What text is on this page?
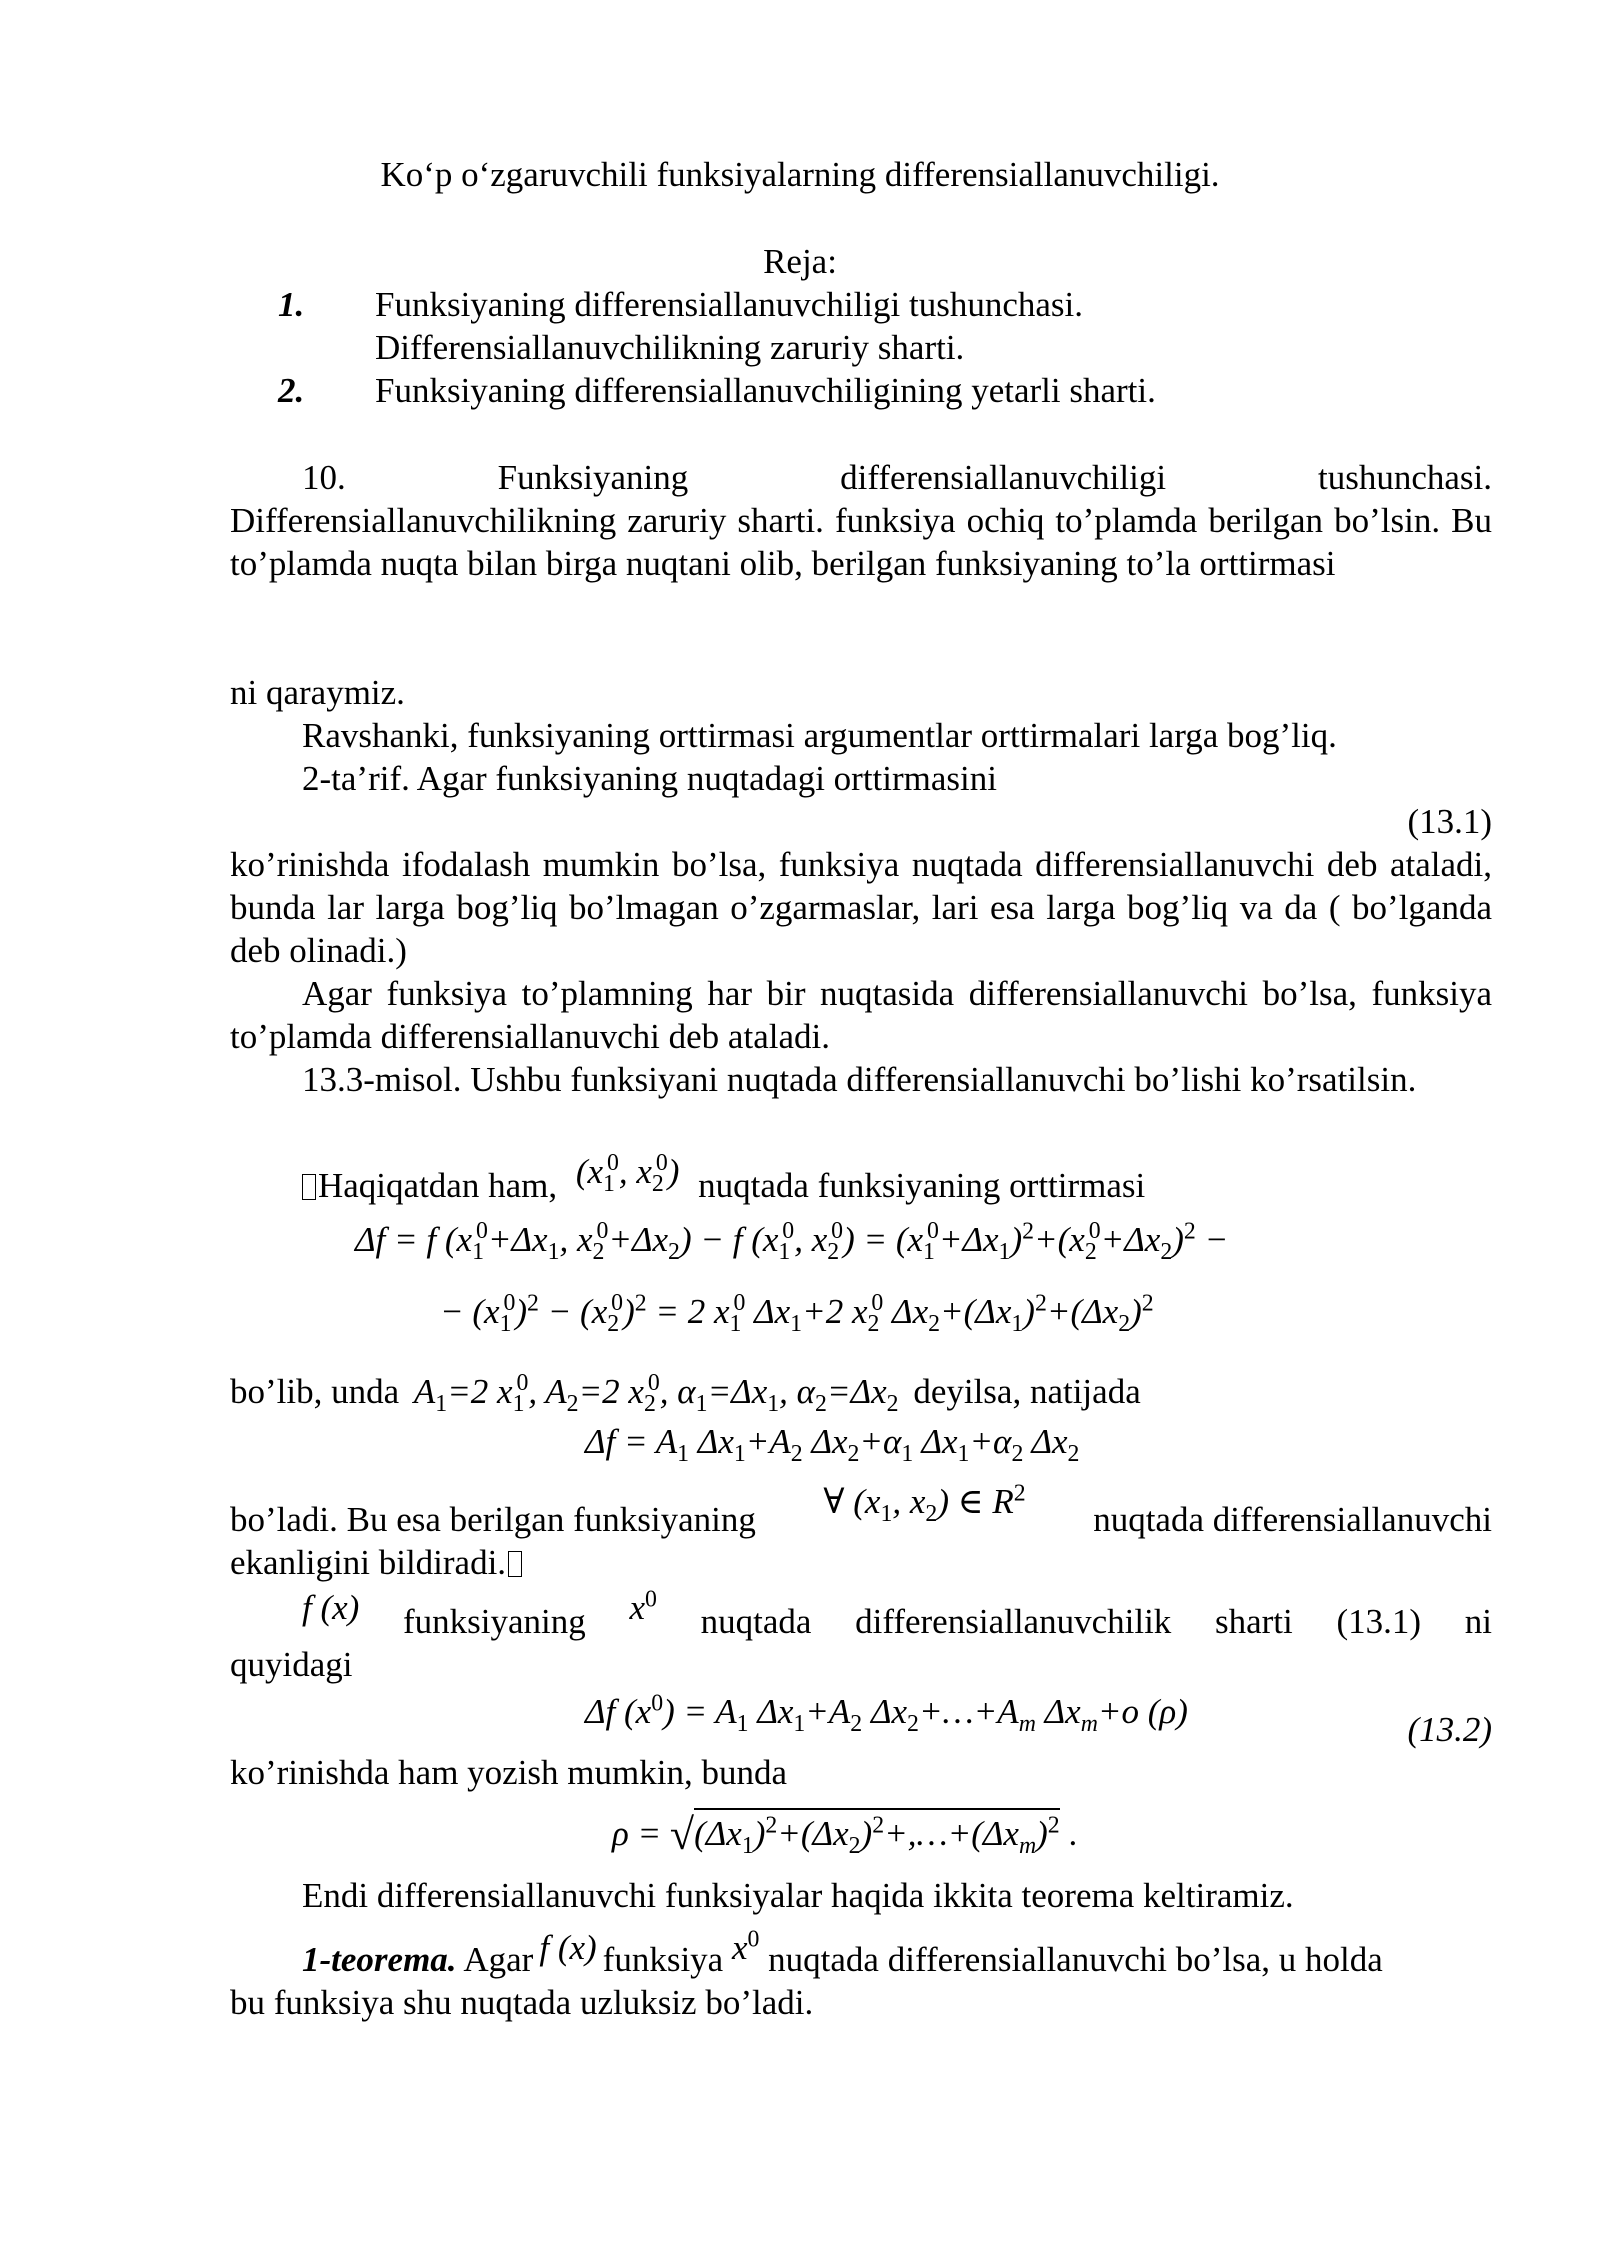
Ko‘p o‘zgaruvchili funksiyalarning differensiallanuvchiligi.
Reja:
1. Funksiyaning differensiallanuvchiligi tushunchasi.
Differensiallanuvchilikning zaruriy sharti.
2. Funksiyaning differensiallanuvchiligining yetarli sharti.
10.	Funksiyaning	differensiallanuvchiligi	tushunchasi.

Differensiallanuvchilikning zaruriy sharti. funksiya ochiq to’plamda berilgan bo’lsin. Bu to’plamda nuqta bilan birga nuqtani olib, berilgan funksiyaning to’la orttirmasi

ni qaraymiz.
Ravshanki, funksiyaning orttirmasi argumentlar orttirmalari larga bog’liq.
2-ta’rif. Agar funksiyaning nuqtadagi orttirmasini
(13.1)

ko’rinishda ifodalash mumkin bo’lsa, funksiya nuqtada differensiallanuvchi deb ataladi, bunda lar larga bog’liq bo’lmagan o’zgarmaslar, lari esa larga bog’liq va da ( bo’lganda deb olinadi.)

Agar funksiya to’plamning har bir nuqtasida differensiallanuvchi bo’lsa, funksiya to’plamda differensiallanuvchi deb ataladi.

13.3-misol. Ushbu funksiyani nuqtada differensiallanuvchi bo’lishi ko’rsatilsin.

Haqiqatdan ham, ($x_1^0$, $x_2^0$) nuqtada funksiyaning orttirmasi
Δf = f ($x_1^0+\Delta x_1$, $x_2^0+\Delta x_2) - f$ ($x_1^0$, $x_2^0) = (x_1^0+\Delta x_1)^2+(x_2^0+\Delta x_2)^2$ −
− $(x_1^0)^2 - (x_2^0)^2 = 2$ $x_1^0$ $\Delta x_1+2$ $x_2^0$ $\Delta x_2+(\Delta x_1)^2+(\Delta x_2)^2$
bo’lib, unda $A_1=2$ $x_1^0$, $A_2=2$ $x_2^0$, $\alpha_1=\Delta x_1$, $\alpha_2=\Delta x_2$ deyilsa, natijada
$\Delta f = A_1$ $\Delta x_1+A_2$ $\Delta x_2+\alpha_1$ $\Delta x_1+\alpha_2$ $\Delta x_2$
bo’ladi. Bu esa berilgan funksiyaning ∀ ($x_1$, $x_2$) ∈ $R^2$
nuqtada differensiallanuvchi
ekanligini bildiradi.
f (x) funksiyaning $x^0$
nuqtada differensiallanuvchilik sharti (13.1) ni
quyidagi
Δf $(x^0) = A_1$ $\Delta x_1+A_2$ $\Delta x_2+\dots+A_m$ $\Delta x_m+o$ (ρ)	(13.2)
ko’rinishda ham yozish mumkin, bunda
$\rho = √(\Delta x_1)^2+(\Delta x_2)^2+,\dots+(\Delta x_m)^2$ .
Endi differensiallanuvchi funksiyalar haqida ikkita teorema keltiramiz.
1-teorema. Agar f (x) funksiya $x^0$ nuqtada differensiallanuvchi bo’lsa, u holda
bu funksiya shu nuqtada uzluksiz bo’ladi.
